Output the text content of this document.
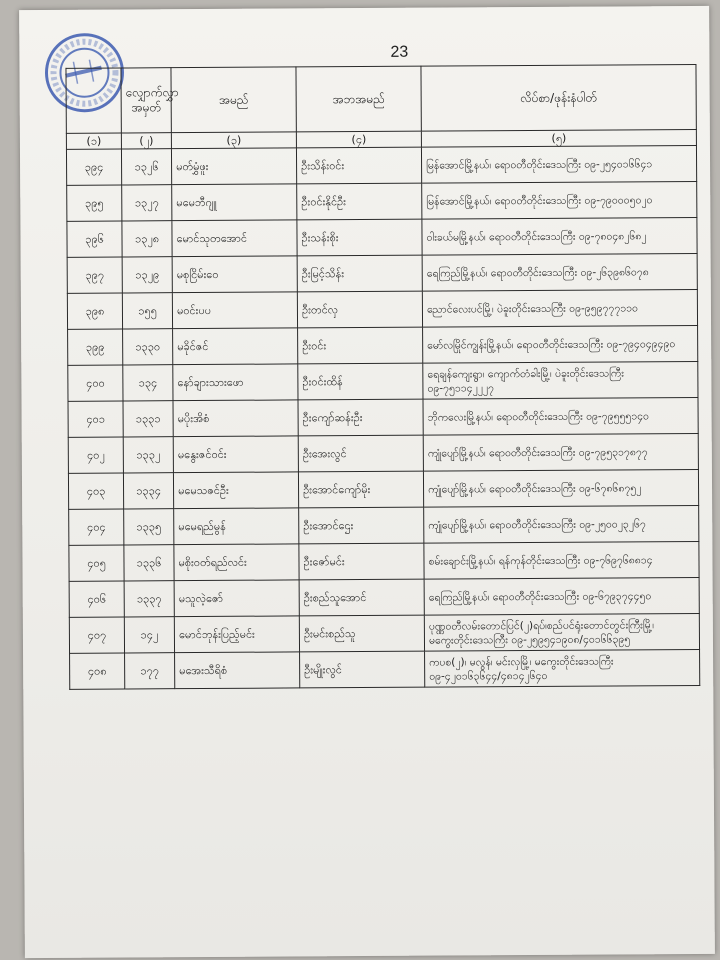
23
	လျှောက်လွှာအမှတ်	အမည်	အဘအမည်	လိပ်စာ/ဖုန်းနံပါတ်
(၁)	(၂)	(၃)	(၄)	(၅)
၃၉၄	၁၃၂၆	မတ်မွှံဖူး	ဦးသိန်းဝင်း	မြန်အောင်မြို့နယ်၊ ရောဝတီတိုင်းဒေသကြီး ၀၉-၂၅၄၀၁၆၆၄၁
၃၉၅	၁၃၂၇	မမေဘီဂျူ	ဦးဝင်းနိုင်ဦး	မြန်အောင်မြို့နယ်၊ ရောဝတီတိုင်းဒေသကြီး ၀၉-၇၉၀၀၀၅၀၂၀
၃၉၆	၁၃၂၈	မောင်သုတအောင်	ဦးသန်းစိုး	ဝါးခယ်မမြို့နယ်၊ ရောဝတီတိုင်းဒေသကြီး ၀၉-၇၈၀၄၈၂၆၈၂
၃၉၇	၁၃၂၉	မစုငြိမ်းဝေ	ဦးမြင့်သိန်း	ရေကြည်မြို့နယ်၊ ရောဝတီတိုင်းဒေသကြီး ၀၉-၂၆၃၉၈၆၀၇၈
၃၉၈	၁၅၅	မဝင်းပပ	ဦးတင်လှ	ညောင်လေးပင်မြို့၊ ပဲခူးတိုင်းဒေသကြီး ၀၉-၉၅၉၇၇၇၁၁၀
၃၉၉	၁၃၃၀	မခိုင်ဇင်	ဦးဝင်း	မော်လမြိုင်ကျွန်းမြို့နယ်၊ ရောဝတီတိုင်းဒေသကြီး ၀၉-၇၉၄၀၄၉၄၉၀
၄၀၀	၁၃၄	နော်ချားသားဖော	ဦးဝင်းထိန်	ရေချန်ကျေးရွာ၊ ကျောက်တံခါးမြို့၊ ပဲခူးတိုင်းဒေသကြီး ၀၉-၇၅၁၁၄၂၂၂၇
၄၀၁	၁၃၃၁	မပိုးအိစံ	ဦးကျော်ဆန်းဦး	ဘိုကလေးမြို့နယ်၊ ရောဝတီတိုင်းဒေသကြီး ၀၉-၇၉၅၅၅၁၄၀
၄၀၂	၁၃၃၂	မနွေးဇင်ဝင်း	ဦးအေးလွင်	ကျုံပျော်မြို့နယ်၊ ရောဝတီတိုင်းဒေသကြီး ၀၉-၇၉၅၃၁၇၈၇၇
၄၀၃	၁၃၃၄	မမေသဇင်ဦး	ဦးအောင်ကျော်မိုး	ကျုံပျော်မြို့နယ်၊ ရောဝတီတိုင်းဒေသကြီး ၀၉-၆၇၈၆၈၇၅၂
၄၀၄	၁၃၃၅	မမေရည်မွန်	ဦးအောင်ဌေး	ကျုံပျော်မြို့နယ်၊ ရောဝတီတိုင်းဒေသကြီး ၀၉-၂၅၀၀၂၃၂၆၇
၄၀၅	၁၃၃၆	မစိုးဝတ်ရည်လင်း	ဦးဇော်မင်း	စမ်းချောင်းမြို့နယ်၊ ရန်ကုန်တိုင်းဒေသကြီး ၀၉-၇၆၉၇၆၈၈၁၄
၄၀၆	၁၃၃၇	မသူလဲ့ဇော်	ဦးစည်သူအောင်	ရေကြည်မြို့နယ်၊ ရောဝတီတိုင်းဒေသကြီး ၀၉-၆၇၉၃၇၄၄၅၀
၄၀၇	၁၄၂	မောင်ဘုန်းပြည့်မင်း	ဦးမင်းစည်သူ	ပုဏ္ဏဝတီလမ်းတောင်ပြင်(၂)ရပ်၊စည်ပင်ရုံးတောင်တွင်းကြီးမြို့၊ မကွေးတိုင်းဒေသကြီး ၀၉-၂၅၉၅၄၁၉၀၈/၄၀၁၆၆၃၉၅
၄၀၈	၁၇၇	မအေးသီရိစံ	ဦးမျိုးလွင်	ကပစ(၂)၊ မလွန်၊ မင်းလှမြို့၊ မကွေးတိုင်းဒေသကြီး ၀၉-၄၂၀၁၆၃၆၄၄/၄၈၁၄၂၆၄၀
